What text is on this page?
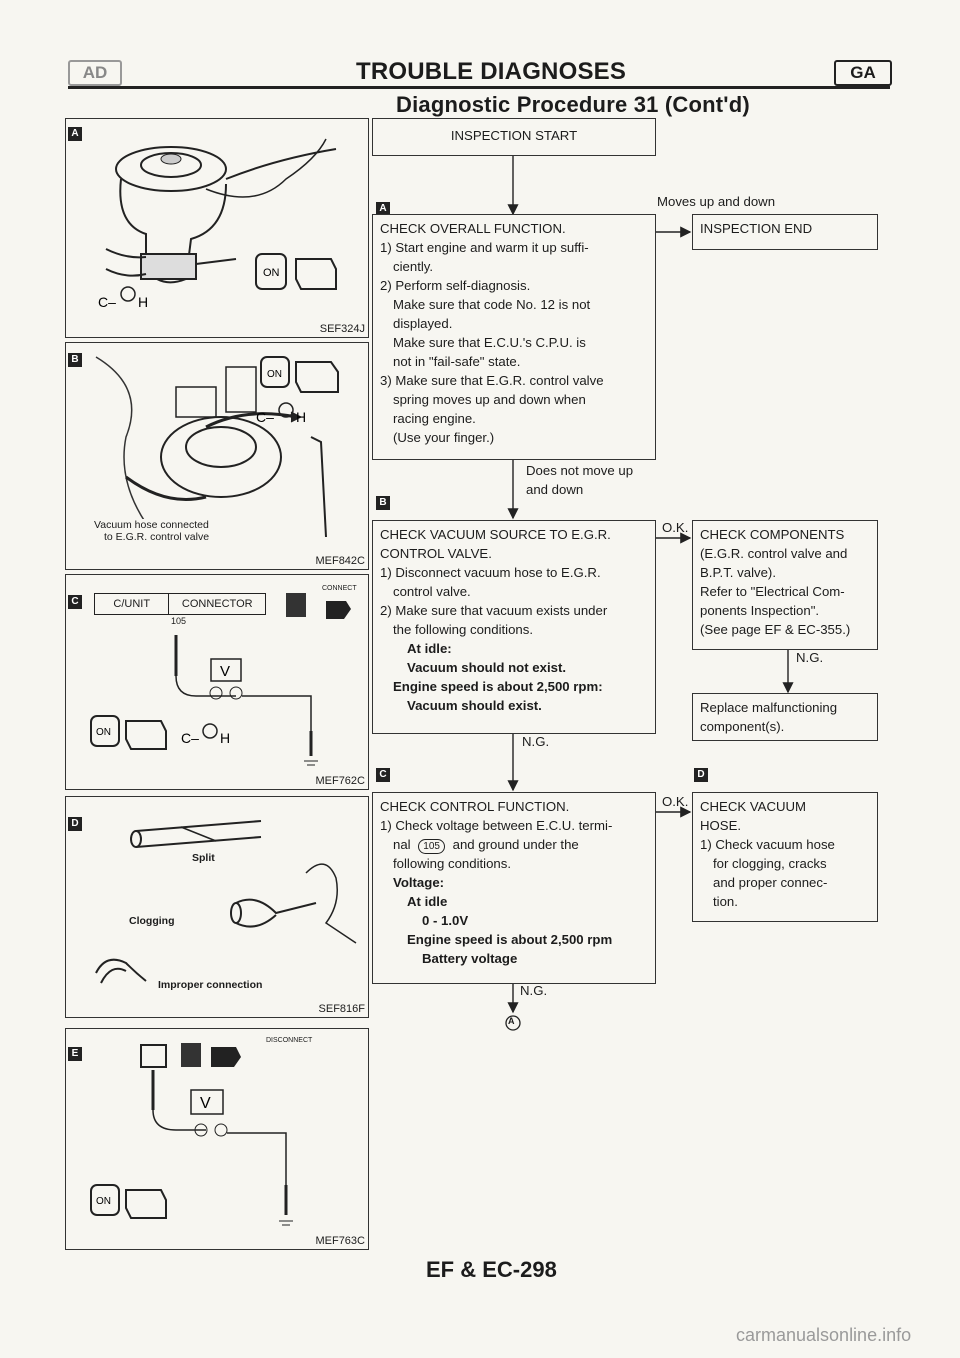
AD	TROUBLE DIAGNOSES	GA
Diagnostic Procedure 31 (Cont'd)
A
C– H
ON
SEF324J
B
ON
C– H
Vacuum hose connected
to E.G.R. control valve
MEF842C
C	C/UNIT	CONNECTOR
105
CONNECT
V
ON	C– H
MEF762C
D
Split
Clogging
Improper connection
SEF816F
E
DISCONNECT
V
ON
MEF763C
INSPECTION START
A	Moves up and down
CHECK OVERALL FUNCTION.
1) Start engine and warm it up suffi-
ciently.
2) Perform self-diagnosis.
Make sure that code No. 12 is not
displayed.
Make sure that E.C.U.'s C.P.U. is
not in "fail-safe" state.
3) Make sure that E.G.R. control valve
spring moves up and down when
racing engine.
(Use your finger.)
INSPECTION END
Does not move up
and down
B
CHECK VACUUM SOURCE TO E.G.R.
CONTROL VALVE.
1) Disconnect vacuum hose to E.G.R.
control valve.
2) Make sure that vacuum exists under
the following conditions.
At idle:
Vacuum should not exist.
Engine speed is about 2,500 rpm:
Vacuum should exist.
O.K. CHECK COMPONENTS
(E.G.R. control valve and
B.P.T. valve).
Refer to "Electrical Com-
ponents Inspection".
(See page EF & EC-355.)
N.G.
Replace malfunctioning
component(s).
N.G.
C	D
CHECK CONTROL FUNCTION.
1) Check voltage between E.C.U. termi-
nal 105 and ground under the
following conditions.
Voltage:
At idle
0 - 1.0V
Engine speed is about 2,500 rpm
Battery voltage
O.K. CHECK VACUUM
HOSE.
1) Check vacuum hose
for clogging, cracks
and proper connec-
tion.
N.G.
A
EF & EC-298
carmanualsonline.info
